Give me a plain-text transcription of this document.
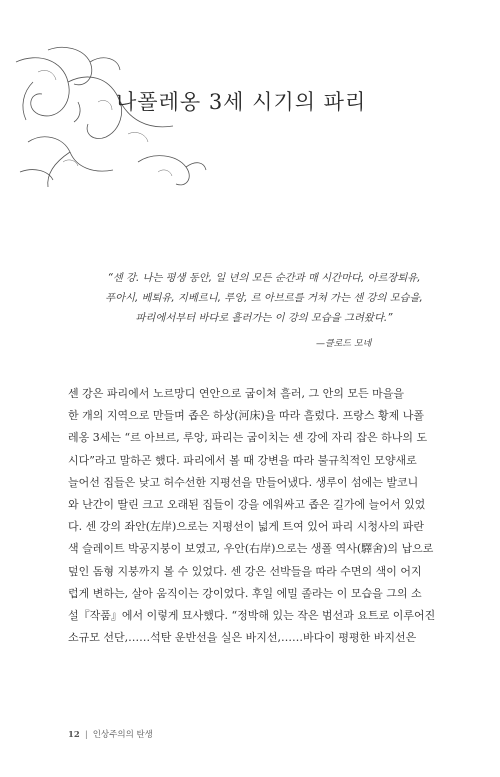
나폴레옹 3세 시기의 파리
“센 강. 나는 평생 동안, 일 년의 모든 순간과 매 시간마다, 아르장퇴유,
푸아시, 베퇴유, 지베르니, 루앙, 르 아브르를 거쳐 가는 센 강의 모습을,
파리에서부터 바다로 흘러가는 이 강의 모습을 그려왔다.”
—클로드 모네
센 강은 파리에서 노르망디 연안으로 굽이쳐 흘러, 그 안의 모든 마을을
한 개의 지역으로 만들며 좁은 하상(河床)을 따라 흘렀다. 프랑스 황제 나폴
레옹 3세는 “르 아브르, 루앙, 파리는 굽이치는 센 강에 자리 잡은 하나의 도
시다”라고 말하곤 했다. 파리에서 볼 때 강변을 따라 불규칙적인 모양새로
늘어선 집들은 낮고 허수선한 지평선을 만들어냈다. 생루이 섬에는 발코니
와 난간이 딸린 크고 오래된 집들이 강을 에워싸고 좁은 길가에 늘어서 있었
다. 센 강의 좌안(左岸)으로는 지평선이 넓게 트여 있어 파리 시청사의 파란
색 슬레이트 박공지붕이 보였고, 우안(右岸)으로는 생폴 역사(驛舍)의 납으로
덮인 돔형 지붕까지 볼 수 있었다. 센 강은 선박들을 따라 수면의 색이 어지
럽게 변하는, 살아 움직이는 강이었다. 후일 에밀 졸라는 이 모습을 그의 소
설『작품』에서 이렇게 묘사했다. “정박해 있는 작은 범선과 요트로 이루어진
소규모 선단,……석탄 운반선을 실은 바지선,……바다이 평평한 바지선은
12 | 인상주의의 탄생
